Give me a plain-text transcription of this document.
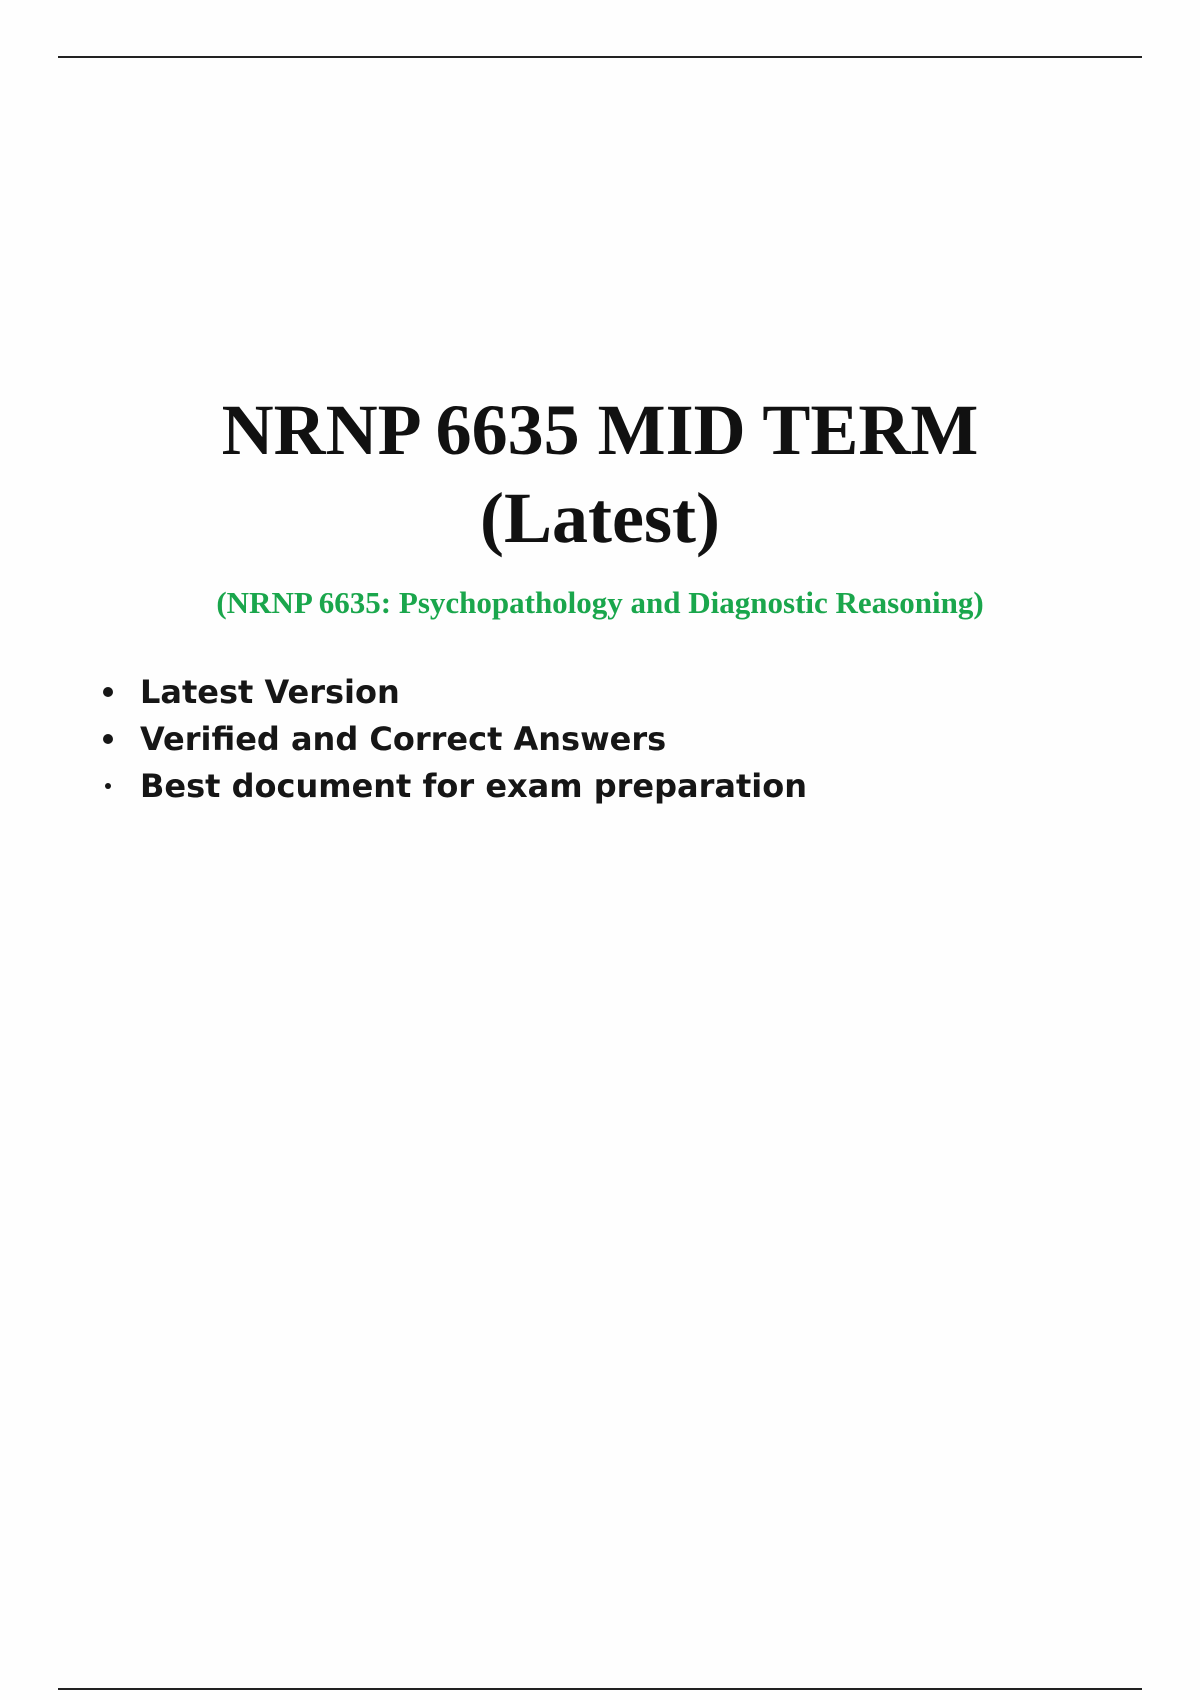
NRNP 6635 MID TERM

(Latest)

(NRNP 6635: Psychopathology and Diagnostic Reasoning)
Latest Version
Verified and Correct Answers
Best document for exam preparation
